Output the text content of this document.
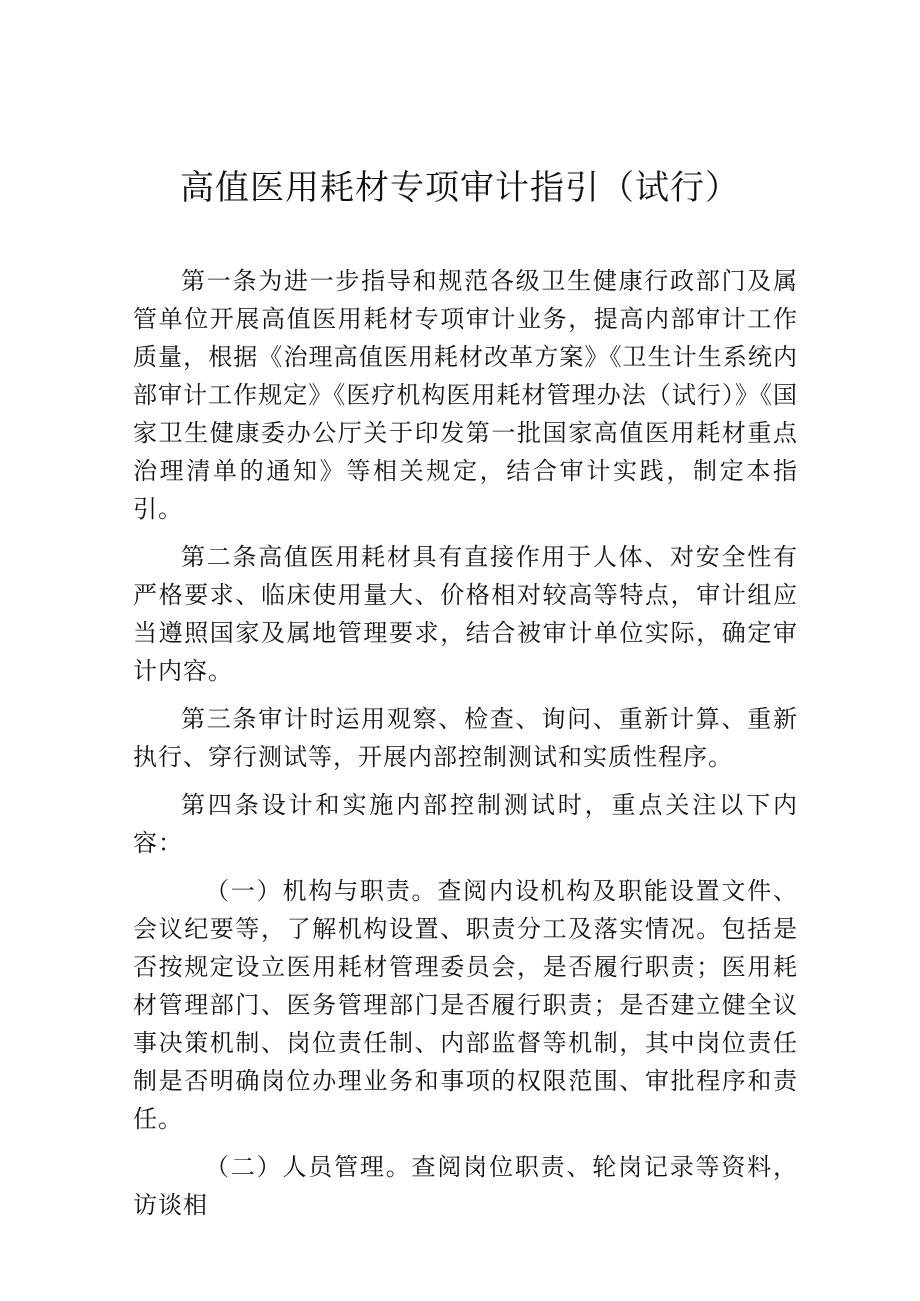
高值医用耗材专项审计指引（试行）

第一条为进一步指导和规范各级卫生健康行政部门及属管单位开展高值医用耗材专项审计业务，提高内部审计工作质量，根据《治理高值医用耗材改革方案》《卫生计生系统内部审计工作规定》《医疗机构医用耗材管理办法（试行）》《国家卫生健康委办公厅关于印发第一批国家高值医用耗材重点治理清单的通知》等相关规定，结合审计实践，制定本指引。

第二条高值医用耗材具有直接作用于人体、对安全性有严格要求、临床使用量大、价格相对较高等特点，审计组应当遵照国家及属地管理要求，结合被审计单位实际，确定审计内容。

第三条审计时运用观察、检查、询问、重新计算、重新执行、穿行测试等，开展内部控制测试和实质性程序。

第四条设计和实施内部控制测试时，重点关注以下内容：

（一）机构与职责。查阅内设机构及职能设置文件、会议纪要等，了解机构设置、职责分工及落实情况。包括是否按规定设立医用耗材管理委员会，是否履行职责；医用耗材管理部门、医务管理部门是否履行职责；是否建立健全议事决策机制、岗位责任制、内部监督等机制，其中岗位责任制是否明确岗位办理业务和事项的权限范围、审批程序和责任。

（二）人员管理。查阅岗位职责、轮岗记录等资料，访谈相
